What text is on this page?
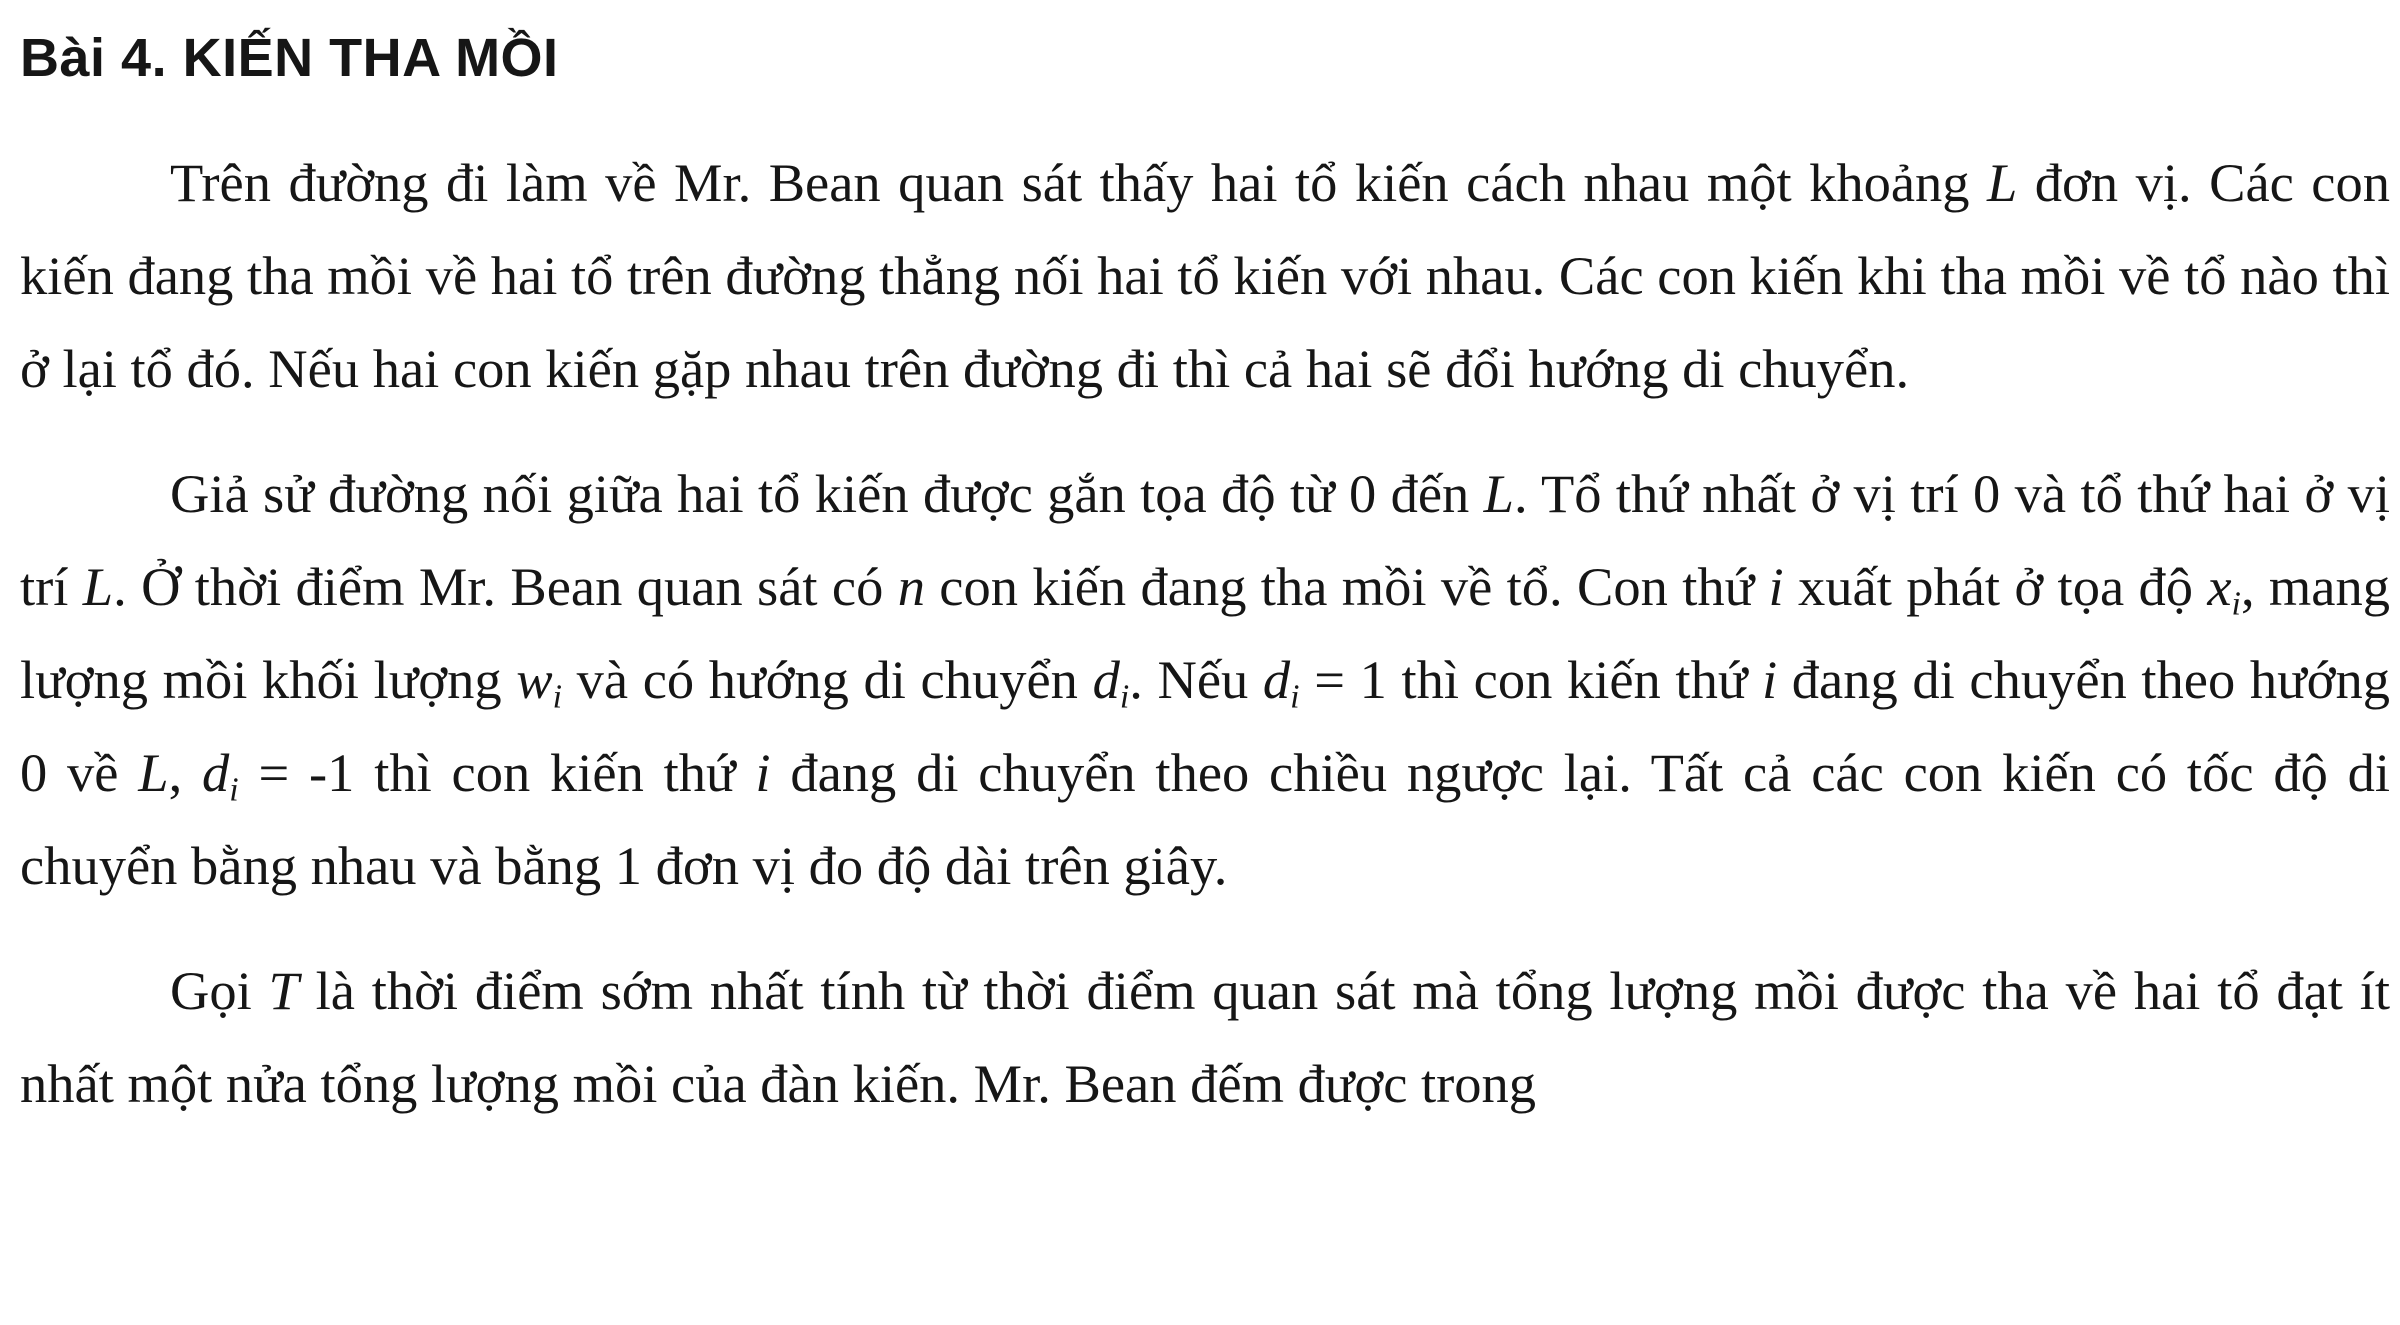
Bài 4. KIẾN THA MỒI

Trên đường đi làm về Mr. Bean quan sát thấy hai tổ kiến cách nhau một khoảng L đơn vị. Các con kiến đang tha mồi về hai tổ trên đường thẳng nối hai tổ kiến với nhau. Các con kiến khi tha mồi về tổ nào thì ở lại tổ đó. Nếu hai con kiến gặp nhau trên đường đi thì cả hai sẽ đổi hướng di chuyển.

Giả sử đường nối giữa hai tổ kiến được gắn tọa độ từ 0 đến L. Tổ thứ nhất ở vị trí 0 và tổ thứ hai ở vị trí L. Ở thời điểm Mr. Bean quan sát có n con kiến đang tha mồi về tổ. Con thứ i xuất phát ở tọa độ $x_i$, mang lượng mồi khối lượng $w_i$ và có hướng di chuyển $d_i$. Nếu $d_i = 1$ thì con kiến thứ i đang di chuyển theo hướng 0 về L, $d_i = -1$ thì con kiến thứ i đang di chuyển theo chiều ngược lại. Tất cả các con kiến có tốc độ di chuyển bằng nhau và bằng 1 đơn vị đo độ dài trên giây.

Gọi T là thời điểm sớm nhất tính từ thời điểm quan sát mà tổng lượng mồi được tha về hai tổ đạt ít nhất một nửa tổng lượng mồi của đàn kiến. Mr. Bean đếm được trong
